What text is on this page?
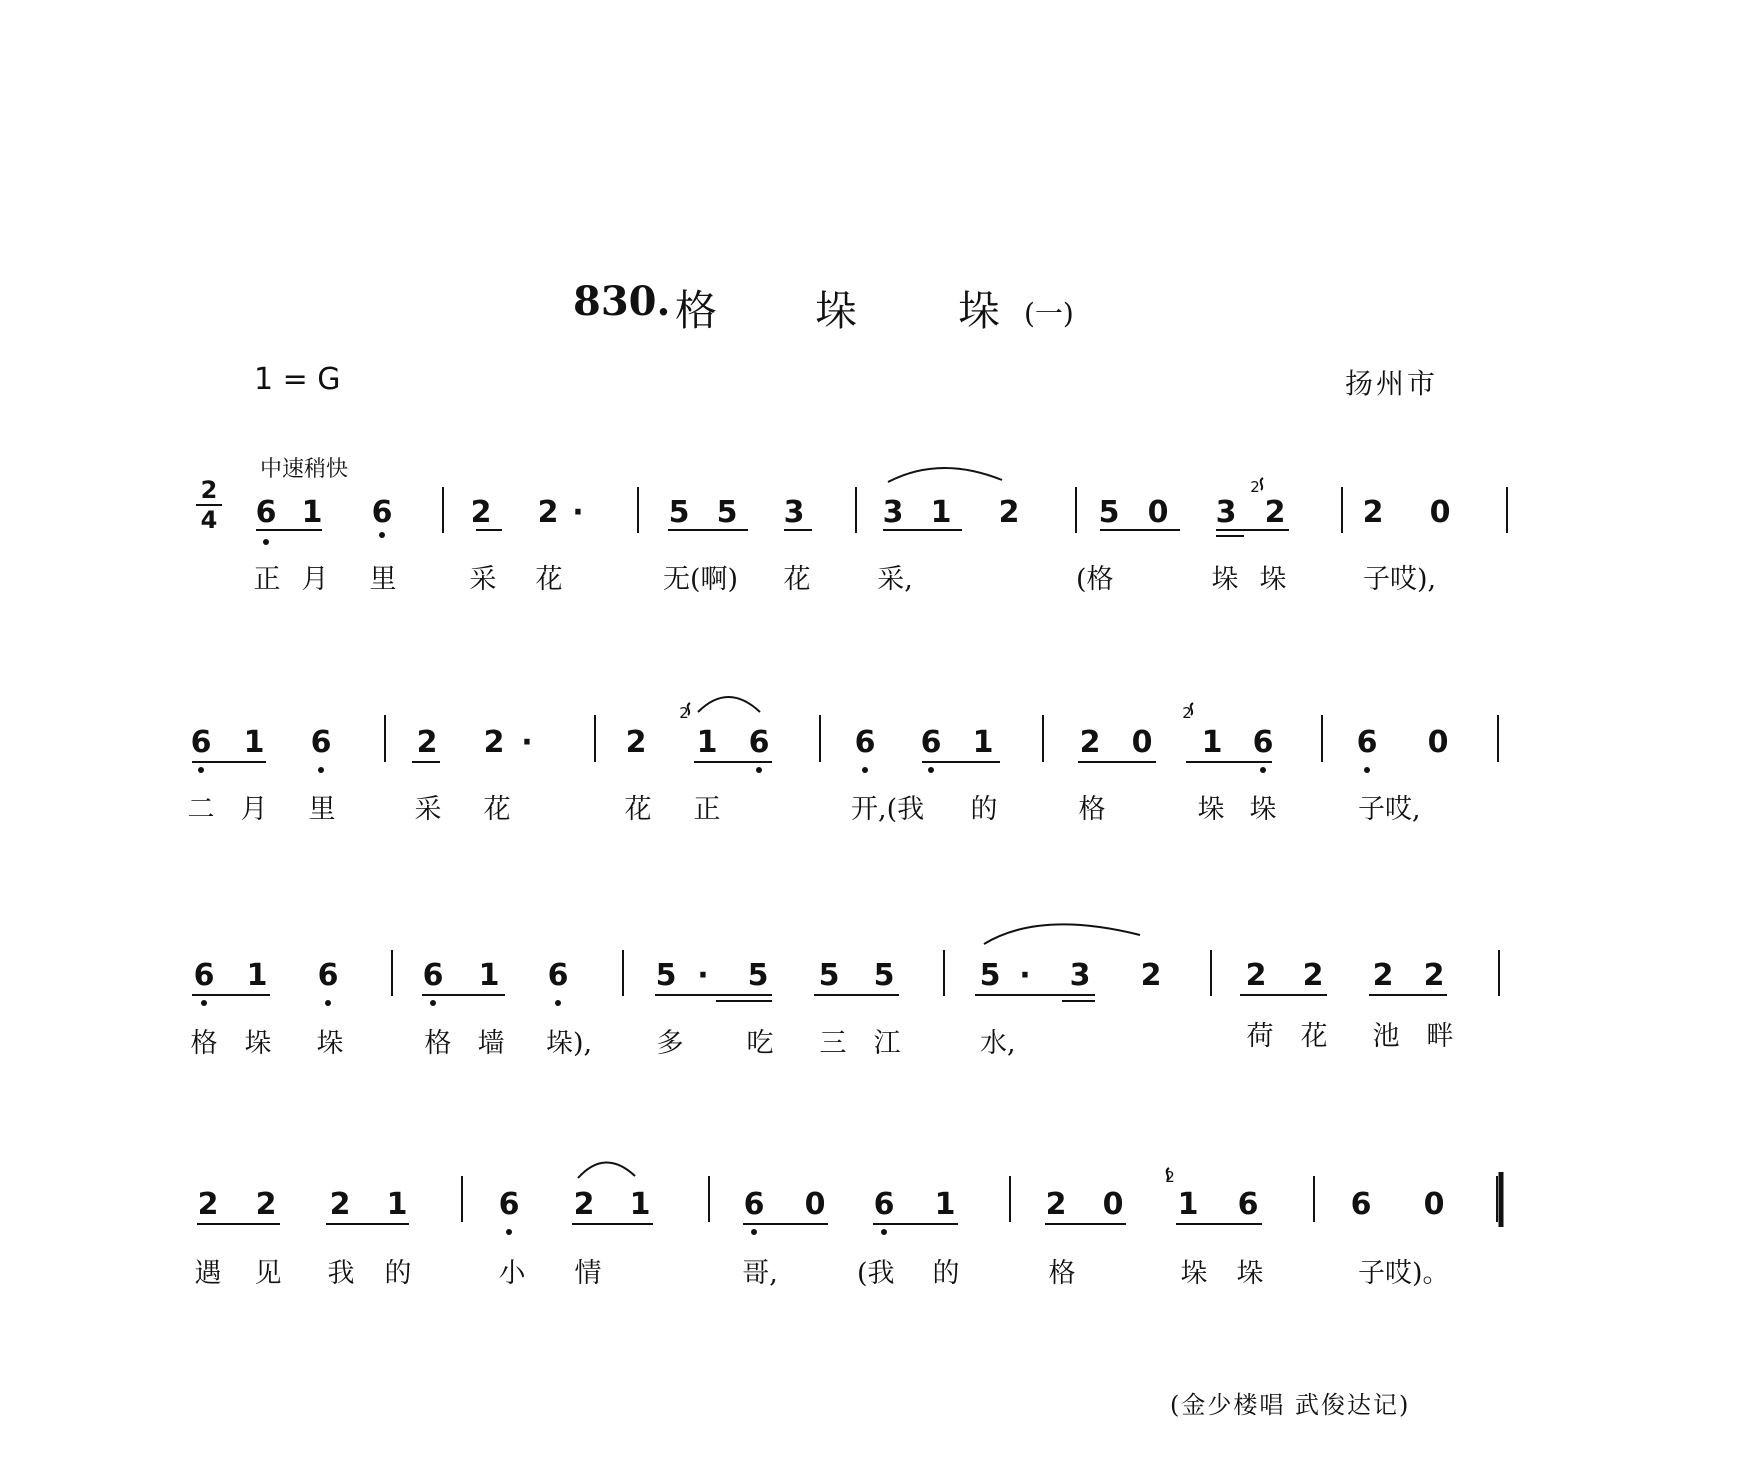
830. 格 垛 垛 (一)
1 = G	扬州市
中速稍快
2
4 6 1 6	2 2 ·	5 5 3	3 1 2	5 0 3 2	2 0
2
正 月 里	采 花	无(啊) 花 采,	(格	垛 垛	子哎),
6 1 6	2 2 ·	2 1 6	6 6 1	2 0 1 6	6 0
2	2
二 月 里	采 花	花 正	开,(我 的	格	垛 垛	子哎,
6 1 6	6 1 6	5 · 5 5 5	5 · 3 2	2 2 2 2
格 垛 垛	格 墙 垛), 多 吃 三 江	水,	荷 花 池 畔
2 2 2 1	6 2 1	6 0 6 1	2 0 1 6	6 0
2
遇 见 我 的	小 情	哥,	(我 的	格	垛 垛	子哎)。
(金少楼唱 武俊达记)
